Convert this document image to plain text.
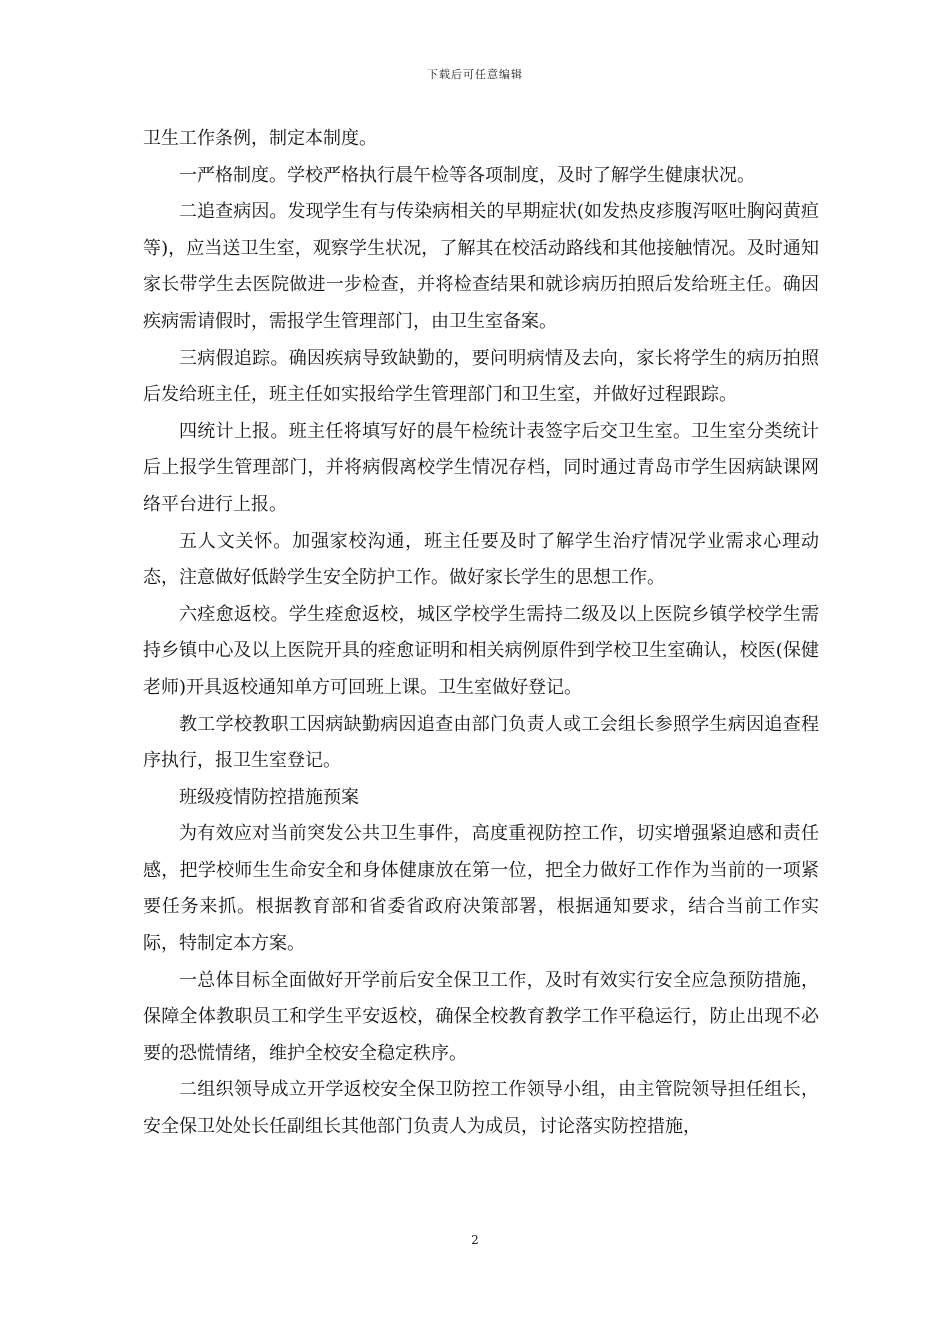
下载后可任意编辑

卫生工作条例，制定本制度。

一严格制度。学校严格执行晨午检等各项制度，及时了解学生健康状况。

二追查病因。发现学生有与传染病相关的早期症状(如发热皮疹腹泻呕吐胸闷黄疸等)，应当送卫生室，观察学生状况，了解其在校活动路线和其他接触情况。及时通知家长带学生去医院做进一步检查，并将检查结果和就诊病历拍照后发给班主任。确因疾病需请假时，需报学生管理部门，由卫生室备案。

三病假追踪。确因疾病导致缺勤的，要问明病情及去向，家长将学生的病历拍照后发给班主任，班主任如实报给学生管理部门和卫生室，并做好过程跟踪。

四统计上报。班主任将填写好的晨午检统计表签字后交卫生室。卫生室分类统计后上报学生管理部门，并将病假离校学生情况存档，同时通过青岛市学生因病缺课网络平台进行上报。

五人文关怀。加强家校沟通，班主任要及时了解学生治疗情况学业需求心理动态，注意做好低龄学生安全防护工作。做好家长学生的思想工作。

六痊愈返校。学生痊愈返校，城区学校学生需持二级及以上医院乡镇学校学生需持乡镇中心及以上医院开具的痊愈证明和相关病例原件到学校卫生室确认，校医(保健老师)开具返校通知单方可回班上课。卫生室做好登记。

教工学校教职工因病缺勤病因追查由部门负责人或工会组长参照学生病因追查程序执行，报卫生室登记。

班级疫情防控措施预案

为有效应对当前突发公共卫生事件，高度重视防控工作，切实增强紧迫感和责任感，把学校师生生命安全和身体健康放在第一位，把全力做好工作作为当前的一项紧要任务来抓。根据教育部和省委省政府决策部署，根据通知要求，结合当前工作实际，特制定本方案。

一总体目标全面做好开学前后安全保卫工作，及时有效实行安全应急预防措施，保障全体教职员工和学生平安返校，确保全校教育教学工作平稳运行，防止出现不必要的恐慌情绪，维护全校安全稳定秩序。

二组织领导成立开学返校安全保卫防控工作领导小组，由主管院领导担任组长，安全保卫处处长任副组长其他部门负责人为成员，讨论落实防控措施，

2
